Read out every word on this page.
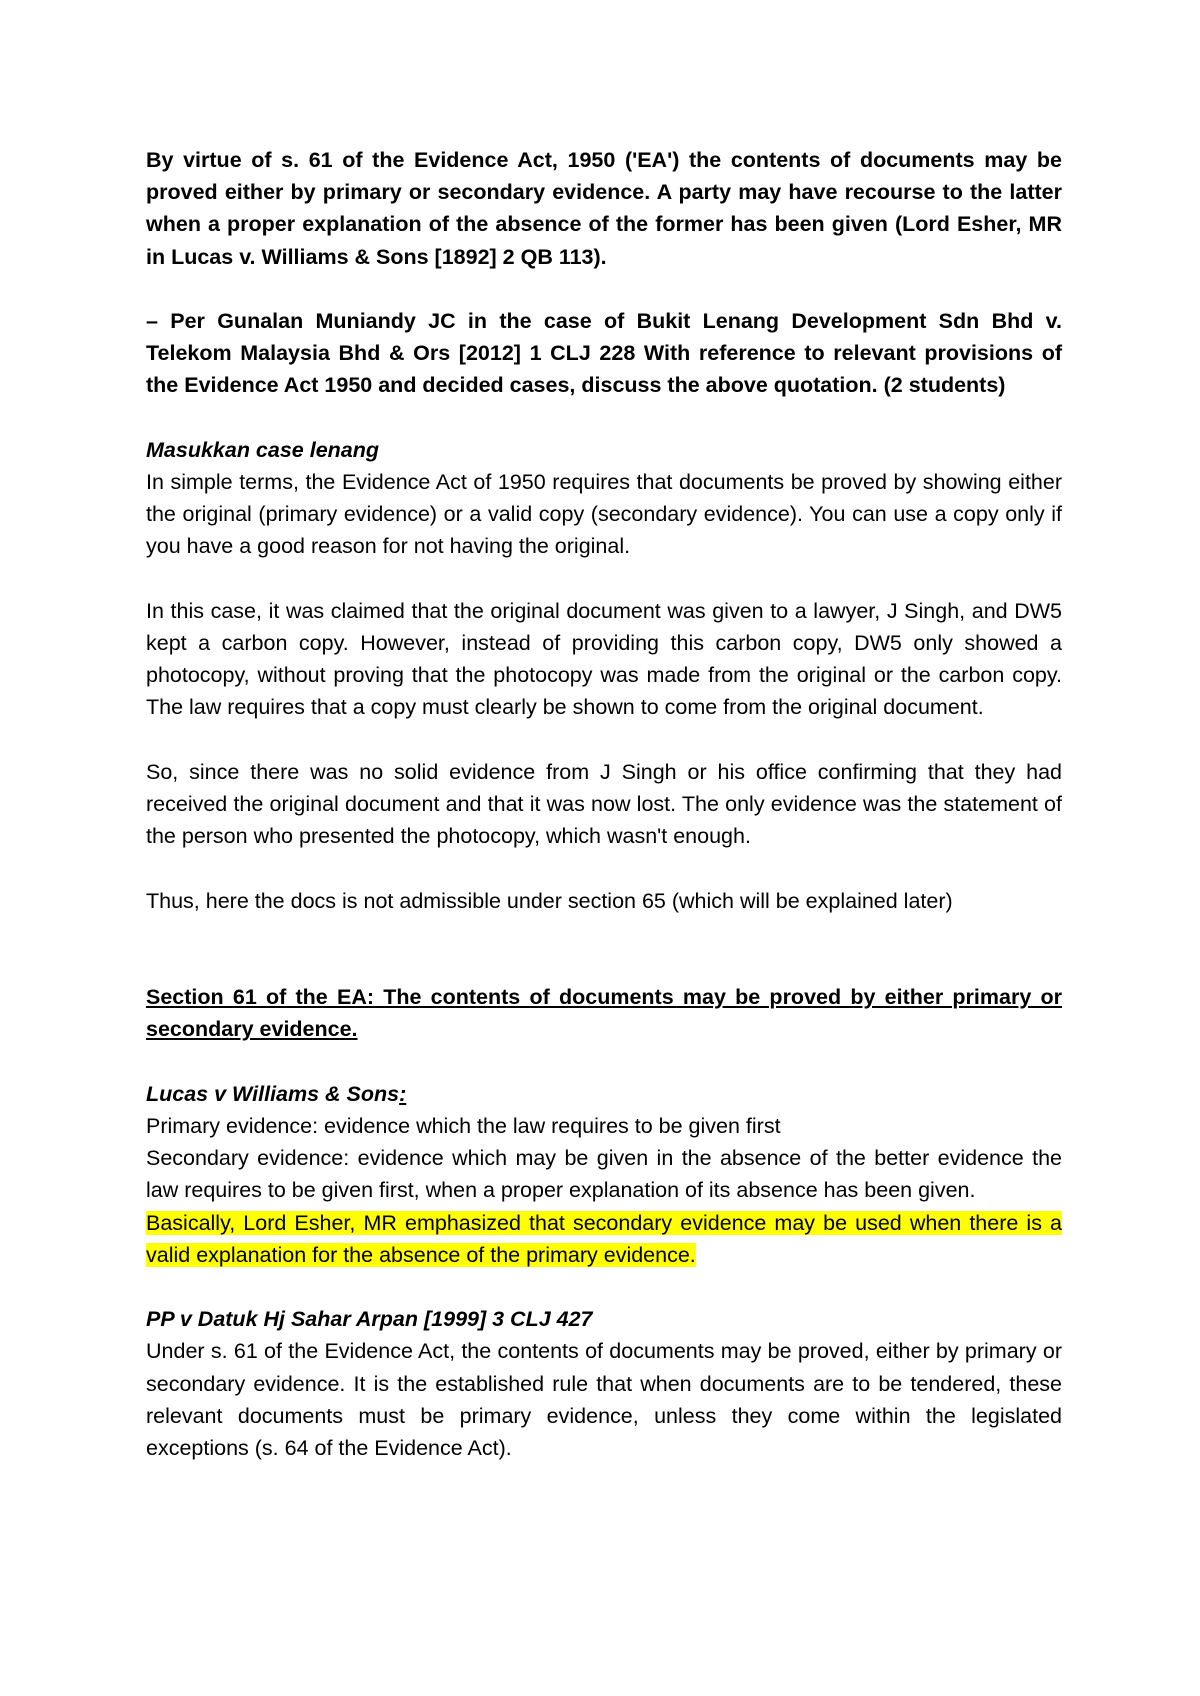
By virtue of s. 61 of the Evidence Act, 1950 ('EA') the contents of documents may be proved either by primary or secondary evidence. A party may have recourse to the latter when a proper explanation of the absence of the former has been given (Lord Esher, MR in Lucas v. Williams & Sons [1892] 2 QB 113).

– Per Gunalan Muniandy JC in the case of Bukit Lenang Development Sdn Bhd v. Telekom Malaysia Bhd & Ors [2012] 1 CLJ 228 With reference to relevant provisions of the Evidence Act 1950 and decided cases, discuss the above quotation. (2 students)

Masukkan case lenang

In simple terms, the Evidence Act of 1950 requires that documents be proved by showing either the original (primary evidence) or a valid copy (secondary evidence). You can use a copy only if you have a good reason for not having the original.

In this case, it was claimed that the original document was given to a lawyer, J Singh, and DW5 kept a carbon copy. However, instead of providing this carbon copy, DW5 only showed a photocopy, without proving that the photocopy was made from the original or the carbon copy. The law requires that a copy must clearly be shown to come from the original document.

So, since there was no solid evidence from J Singh or his office confirming that they had received the original document and that it was now lost. The only evidence was the statement of the person who presented the photocopy, which wasn't enough.

Thus, here the docs is not admissible under section 65 (which will be explained later)

Section 61 of the EA: The contents of documents may be proved by either primary or secondary evidence.

Lucas v Williams & Sons:

Primary evidence: evidence which the law requires to be given first

Secondary evidence: evidence which may be given in the absence of the better evidence the law requires to be given first, when a proper explanation of its absence has been given.

Basically, Lord Esher, MR emphasized that secondary evidence may be used when there is a valid explanation for the absence of the primary evidence.

PP v Datuk Hj Sahar Arpan [1999] 3 CLJ 427

Under s. 61 of the Evidence Act, the contents of documents may be proved, either by primary or secondary evidence. It is the established rule that when documents are to be tendered, these relevant documents must be primary evidence, unless they come within the legislated exceptions (s. 64 of the Evidence Act).
